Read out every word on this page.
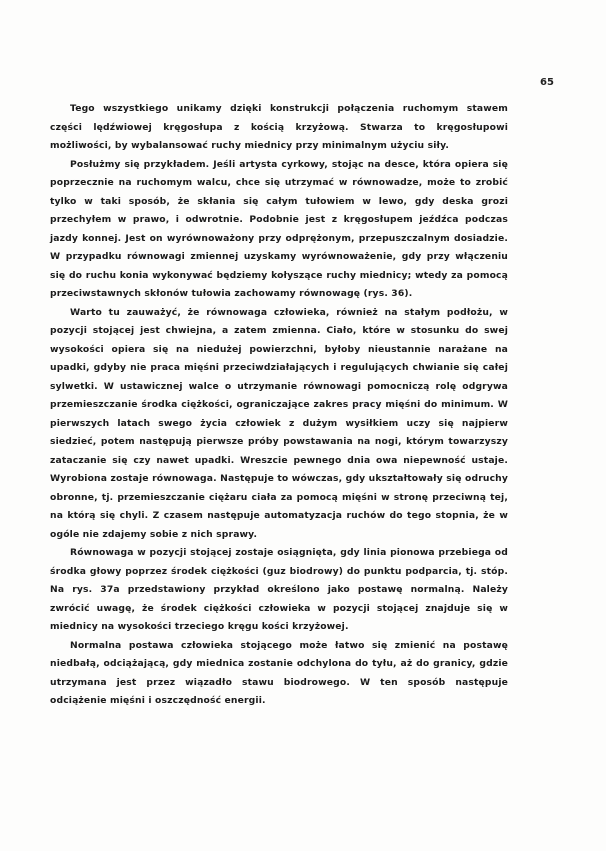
65

Tego wszystkiego unikamy dzięki konstrukcji połączenia ruchomym stawem części lędźwiowej kręgosłupa z kością krzyżową. Stwarza to kręgosłupowi możliwości, by wybalansować ruchy miednicy przy minimalnym użyciu siły.

Posłużmy się przykładem. Jeśli artysta cyrkowy, stojąc na desce, która opiera się poprzecznie na ruchomym walcu, chce się utrzymać w równowadze, może to zrobić tylko w taki sposób, że skłania się całym tułowiem w lewo, gdy deska grozi przechyłem w prawo, i odwrotnie. Podobnie jest z kręgosłupem jeźdźca podczas jazdy konnej. Jest on wyrównoważony przy odprężonym, przepuszczalnym dosiadzie. W przypadku równowagi zmiennej uzyskamy wyrównoważenie, gdy przy włączeniu się do ruchu konia wykonywać będziemy kołyszące ruchy miednicy; wtedy za pomocą przeciwstawnych skłonów tułowia zachowamy równowagę (rys. 36).

Warto tu zauważyć, że równowaga człowieka, również na stałym podłożu, w pozycji stojącej jest chwiejna, a zatem zmienna. Ciało, które w stosunku do swej wysokości opiera się na niedużej powierzchni, byłoby nieustannie narażane na upadki, gdyby nie praca mięśni przeciwdziałających i regulujących chwianie się całej sylwetki. W ustawicznej walce o utrzymanie równowagi pomocniczą rolę odgrywa przemieszczanie środka ciężkości, ograniczające zakres pracy mięśni do minimum. W pierwszych latach swego życia człowiek z dużym wysiłkiem uczy się najpierw siedzieć, potem następują pierwsze próby powstawania na nogi, którym towarzyszy zataczanie się czy nawet upadki. Wreszcie pewnego dnia owa niepewność ustaje. Wyrobiona zostaje równowaga. Następuje to wówczas, gdy ukształtowały się odruchy obronne, tj. przemieszczanie ciężaru ciała za pomocą mięśni w stronę przeciwną tej, na którą się chyli. Z czasem następuje automatyzacja ruchów do tego stopnia, że w ogóle nie zdajemy sobie z nich sprawy.

Równowaga w pozycji stojącej zostaje osiągnięta, gdy linia pionowa przebiega od środka głowy poprzez środek ciężkości (guz biodrowy) do punktu podparcia, tj. stóp. Na rys. 37a przedstawiony przykład określono jako postawę normalną. Należy zwrócić uwagę, że środek ciężkości człowieka w pozycji stojącej znajduje się w miednicy na wysokości trzeciego kręgu kości krzyżowej.

Normalna postawa człowieka stojącego może łatwo się zmienić na postawę niedbałą, odciążającą, gdy miednica zostanie odchylona do tyłu, aż do granicy, gdzie utrzymana jest przez wiązadło stawu biodrowego. W ten sposób następuje odciążenie mięśni i oszczędność energii.
